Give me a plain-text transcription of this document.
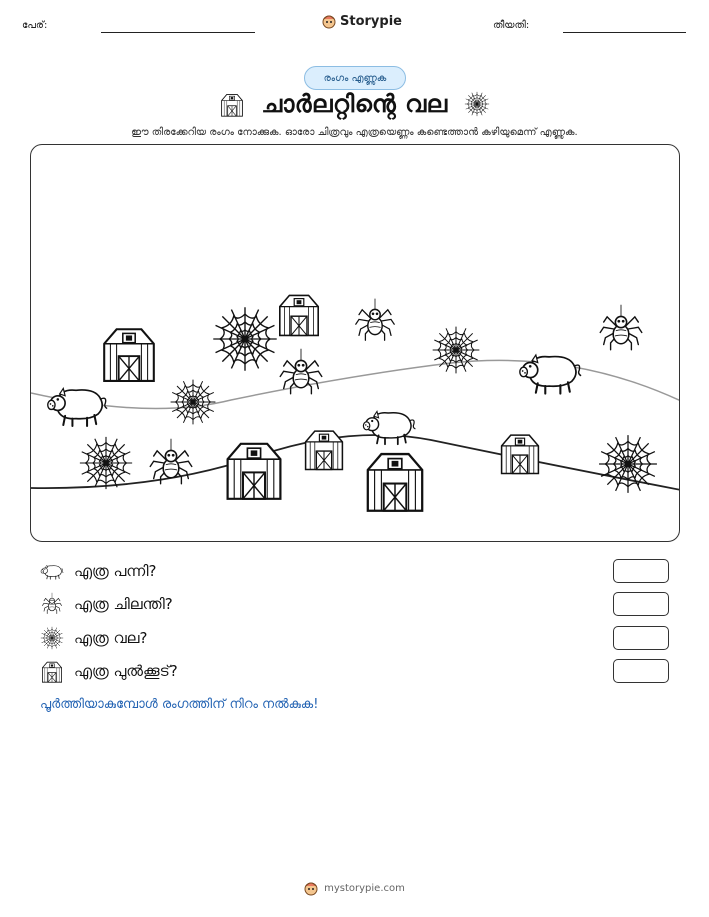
പേര്:	Storypie	തീയതി:
രംഗം എണ്ണുക
ചാർലറ്റിന്റെ വല
ഈ തിരക്കേറിയ രംഗം നോക്കുക. ഓരോ ചിത്രവും എത്രയെണ്ണം കണ്ടെത്താൻ കഴിയുമെന്ന് എണ്ണുക.
എത്ര പന്നി?
എത്ര ചിലന്തി?
എത്ര വല?
എത്ര പുൽക്കൂട്?
പൂർത്തിയാകുമ്പോൾ രംഗത്തിന് നിറം നൽകുക!
mystorypie.com
